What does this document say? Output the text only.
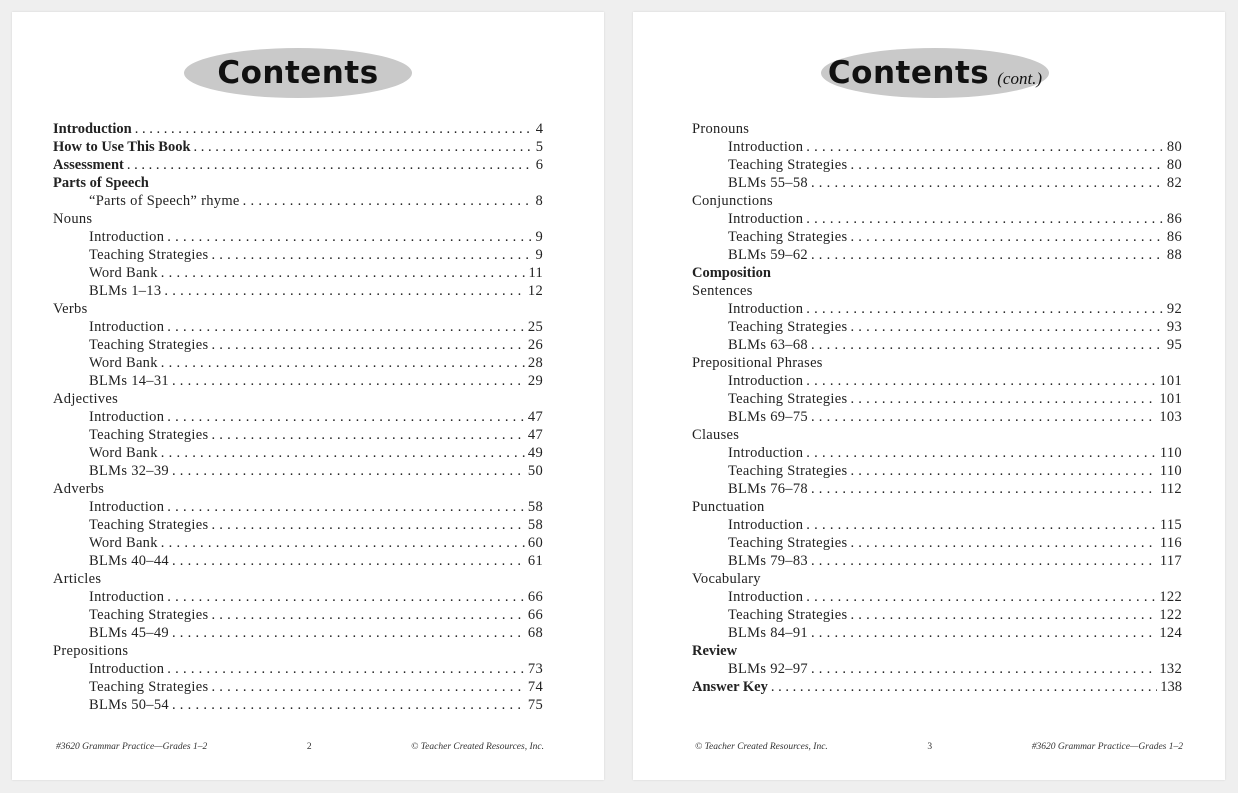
Contents
Introduction . . .	4
How to Use This Book . . .	5
Assessment . . .	6
Parts of Speech
“Parts of Speech” rhyme . . .	8
Nouns
Introduction . . .	9
Teaching Strategies . . .	9
Word Bank . . .	11
BLMs 1–13 . . .	12
Verbs
Introduction . . .	25
Teaching Strategies . . .	26
Word Bank . . .	28
BLMs 14–31 . . .	29
Adjectives
Introduction . . .	47
Teaching Strategies . . .	47
Word Bank . . .	49
BLMs 32–39 . . .	50
Adverbs
Introduction . . .	58
Teaching Strategies . . .	58
Word Bank . . .	60
BLMs 40–44 . . .	61
Articles
Introduction . . .	66
Teaching Strategies . . .	66
BLMs 45–49 . . .	68
Prepositions
Introduction . . .	73
Teaching Strategies . . .	74
BLMs 50–54 . . .	75
#3620 Grammar Practice—Grades 1–2	2	© Teacher Created Resources, Inc.
Contents (cont.)
Pronouns
Introduction . . .	80
Teaching Strategies . . .	80
BLMs 55–58 . . .	82
Conjunctions
Introduction . . .	86
Teaching Strategies . . .	86
BLMs 59–62 . . .	88
Composition
Sentences
Introduction . . .	92
Teaching Strategies . . .	93
BLMs 63–68 . . .	95
Prepositional Phrases
Introduction . . .	101
Teaching Strategies . . .	101
BLMs 69–75 . . .	103
Clauses
Introduction . . .	110
Teaching Strategies . . .	110
BLMs 76–78 . . .	112
Punctuation
Introduction . . .	115
Teaching Strategies . . .	116
BLMs 79–83 . . .	117
Vocabulary
Introduction . . .	122
Teaching Strategies . . .	122
BLMs 84–91 . . .	124
Review
BLMs 92–97 . . .	132
Answer Key . . .	138
© Teacher Created Resources, Inc.	3	#3620 Grammar Practice—Grades 1–2
